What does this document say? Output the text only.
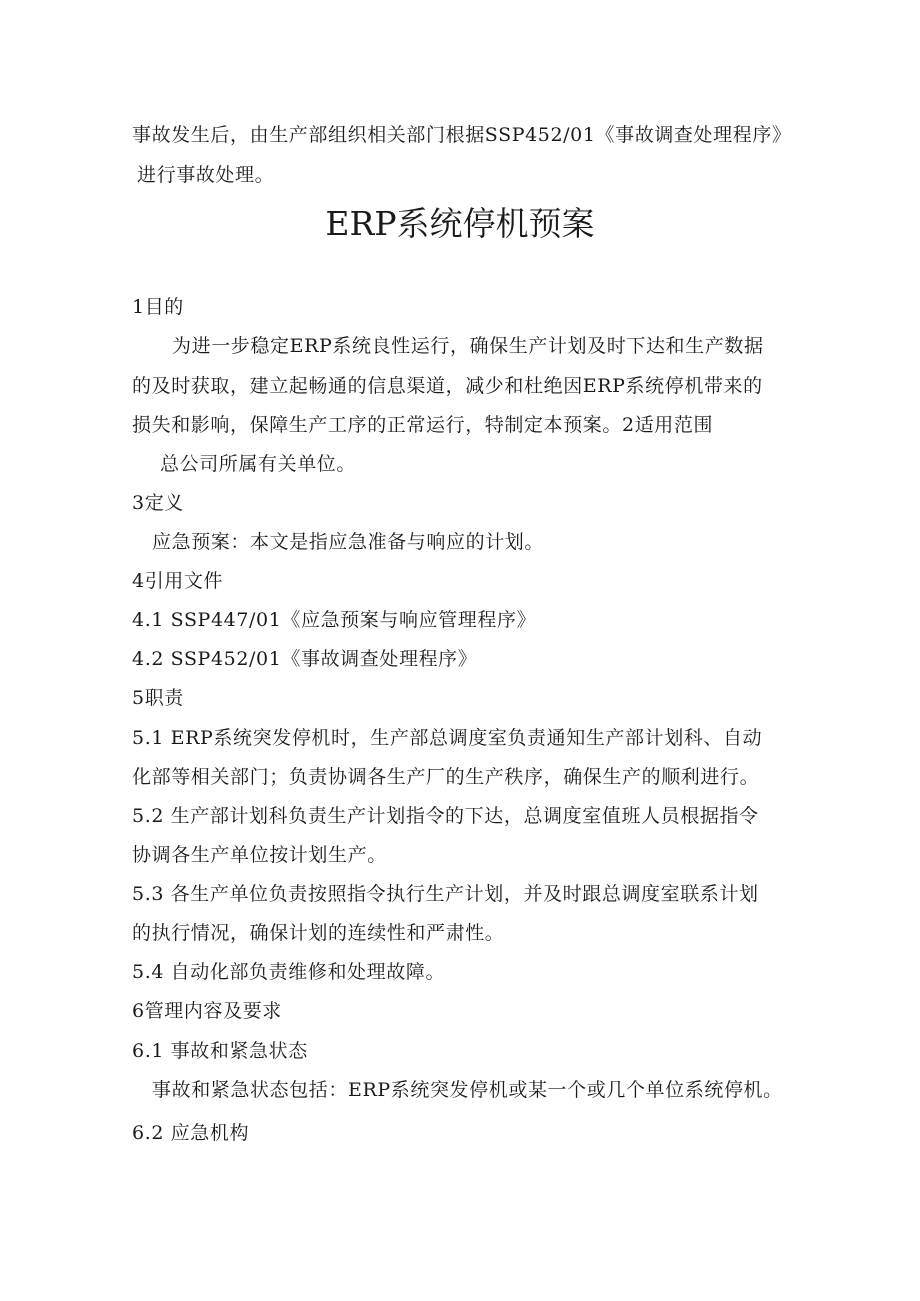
事故发生后，由生产部组织相关部门根据SSP452/01《事故调查处理程序》
进行事故处理。
ERP系统停机预案
1目的
为进一步稳定ERP系统良性运行，确保生产计划及时下达和生产数据
的及时获取，建立起畅通的信息渠道，减少和杜绝因ERP系统停机带来的
损失和影响，保障生产工序的正常运行，特制定本预案。2适用范围
总公司所属有关单位。
3定义
应急预案：本文是指应急准备与响应的计划。
4引用文件
4.1 SSP447/01《应急预案与响应管理程序》
4.2 SSP452/01《事故调查处理程序》
5职责
5.1 ERP系统突发停机时，生产部总调度室负责通知生产部计划科、自动
化部等相关部门；负责协调各生产厂的生产秩序，确保生产的顺利进行。
5.2 生产部计划科负责生产计划指令的下达，总调度室值班人员根据指令
协调各生产单位按计划生产。
5.3 各生产单位负责按照指令执行生产计划，并及时跟总调度室联系计划
的执行情况，确保计划的连续性和严肃性。
5.4 自动化部负责维修和处理故障。
6管理内容及要求
6.1 事故和紧急状态
事故和紧急状态包括：ERP系统突发停机或某一个或几个单位系统停机。
6.2 应急机构
